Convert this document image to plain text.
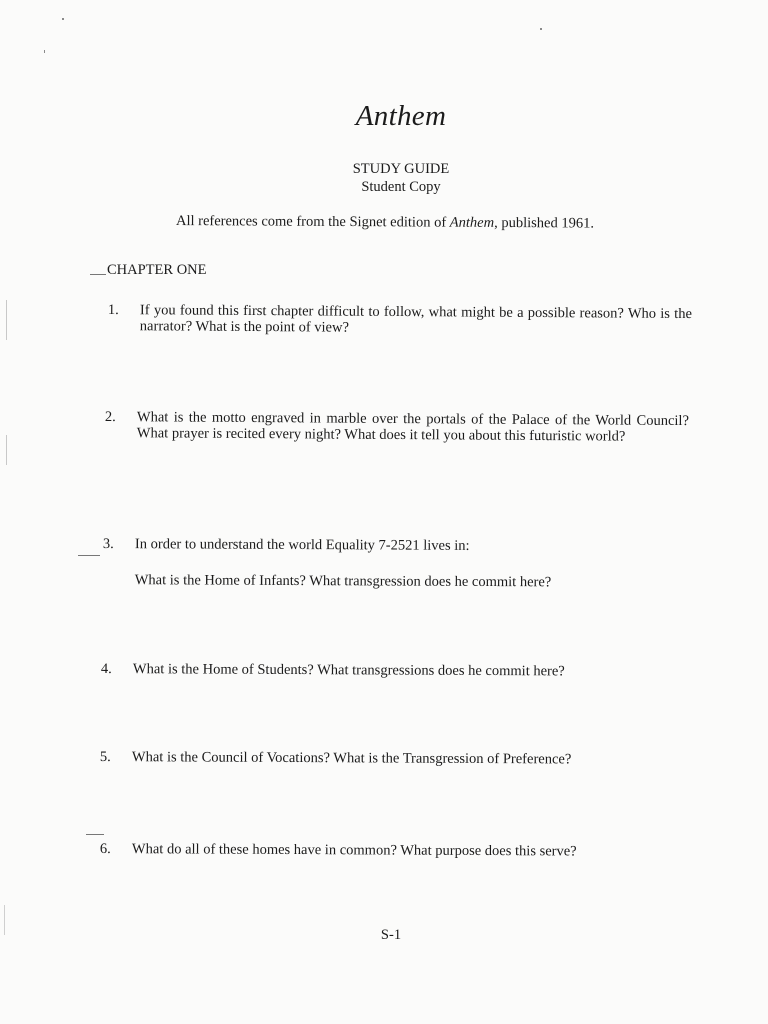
Anthem
STUDY GUIDE
Student Copy
All references come from the Signet edition of Anthem, published 1961.
CHAPTER ONE
1. If you found this first chapter difficult to follow, what might be a possible reason? Who is the narrator? What is the point of view?
2. What is the motto engraved in marble over the portals of the Palace of the World Council? What prayer is recited every night? What does it tell you about this futuristic world?
3. In order to understand the world Equality 7-2521 lives in:
What is the Home of Infants? What transgression does he commit here?
4. What is the Home of Students? What transgressions does he commit here?
5. What is the Council of Vocations? What is the Transgression of Preference?
6. What do all of these homes have in common? What purpose does this serve?
S-1
